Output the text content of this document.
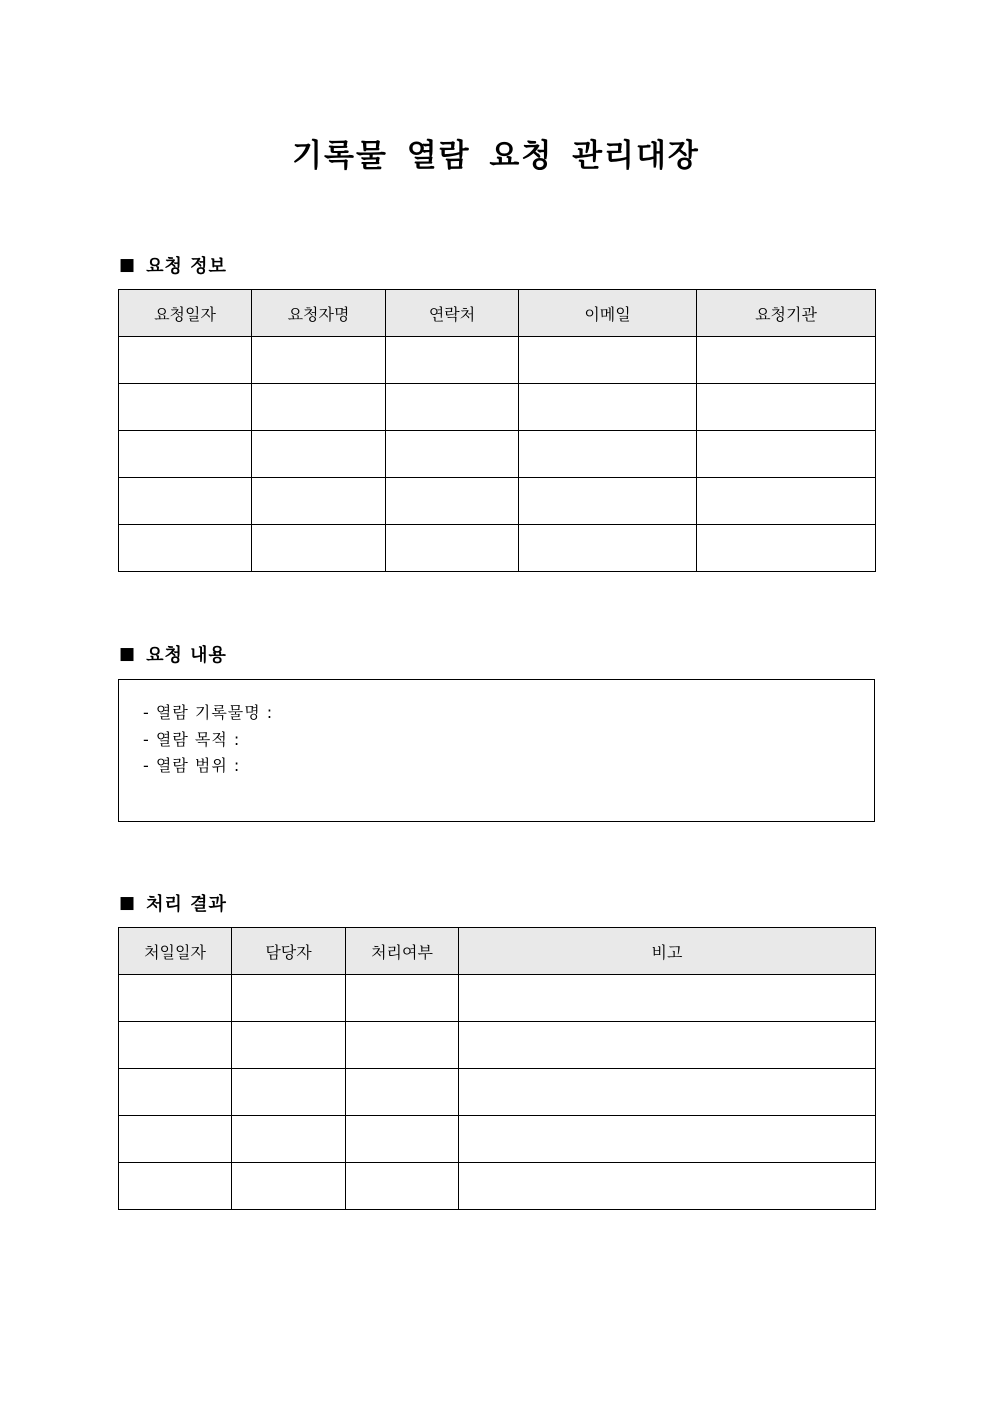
기록물 열람 요청 관리대장
■ 요청 정보
요청일자	요청자명	연락처	이메일	요청기관

■ 요청 내용
- 열람 기록물명 :
- 열람 목적 :
- 열람 범위 :
■ 처리 결과
처일일자	담당자	처리여부	비고
